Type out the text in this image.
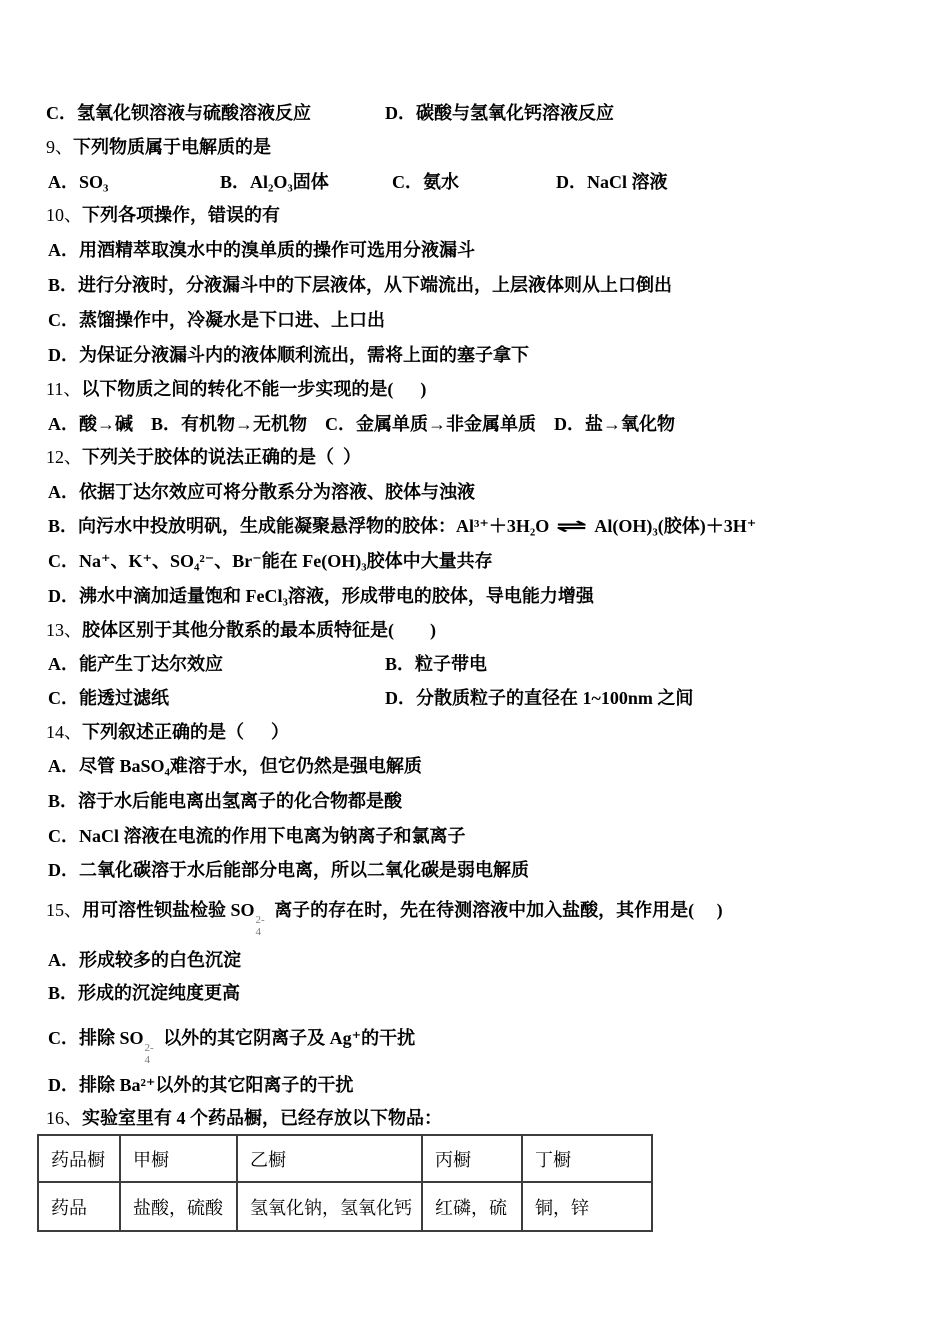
C．氢氧化钡溶液与硫酸溶液反应	D．碳酸与氢氧化钙溶液反应
9、下列物质属于电解质的是
A．SO₃	B．Al₂O₃固体	C．氨水	D．NaCl 溶液
10、下列各项操作，错误的有
A．用酒精萃取溴水中的溴单质的操作可选用分液漏斗
B．进行分液时，分液漏斗中的下层液体，从下端流出，上层液体则从上口倒出
C．蒸馏操作中，冷凝水是下口进、上口出
D．为保证分液漏斗内的液体顺利流出，需将上面的塞子拿下
11、以下物质之间的转化不能一步实现的是(      )
A．酸→碱　B．有机物→无机物　C．金属单质→非金属单质　D．盐→氧化物
12、下列关于胶体的说法正确的是（  ）
A．依据丁达尔效应可将分散系分为溶液、胶体与浊液
B．向污水中投放明矾，生成能凝聚悬浮物的胶体：Al³⁺＋3H₂O ⇌ Al(OH)₃(胶体)＋3H⁺
C．Na⁺、K⁺、SO₄²⁻、Br⁻能在 Fe(OH)₃胶体中大量共存
D．沸水中滴加适量饱和 FeCl₃溶液，形成带电的胶体，导电能力增强
13、胶体区别于其他分散系的最本质特征是(        )
A．能产生丁达尔效应	B．粒子带电
C．能透过滤纸	D．分散质粒子的直径在 1~100nm 之间
14、下列叙述正确的是（      ）
A．尽管 BaSO₄难溶于水，但它仍然是强电解质
B．溶于水后能电离出氢离子的化合物都是酸
C．NaCl 溶液在电流的作用下电离为钠离子和氯离子
D．二氧化碳溶于水后能部分电离，所以二氧化碳是弱电解质
15、用可溶性钡盐检验 SO 2-
4
离子的存在时，先在待测溶液中加入盐酸，其作用是(     )
A．形成较多的白色沉淀
B．形成的沉淀纯度更高
C．排除 SO 2-
4
以外的其它阴离子及 Ag⁺的干扰
D．排除 Ba²⁺以外的其它阳离子的干扰
16、实验室里有 4 个药品橱，已经存放以下物品：
药品橱	甲橱	乙橱	丙橱	丁橱
药品	盐酸，硫酸	氢氧化钠，氢氧化钙	红磷，硫	铜，锌
